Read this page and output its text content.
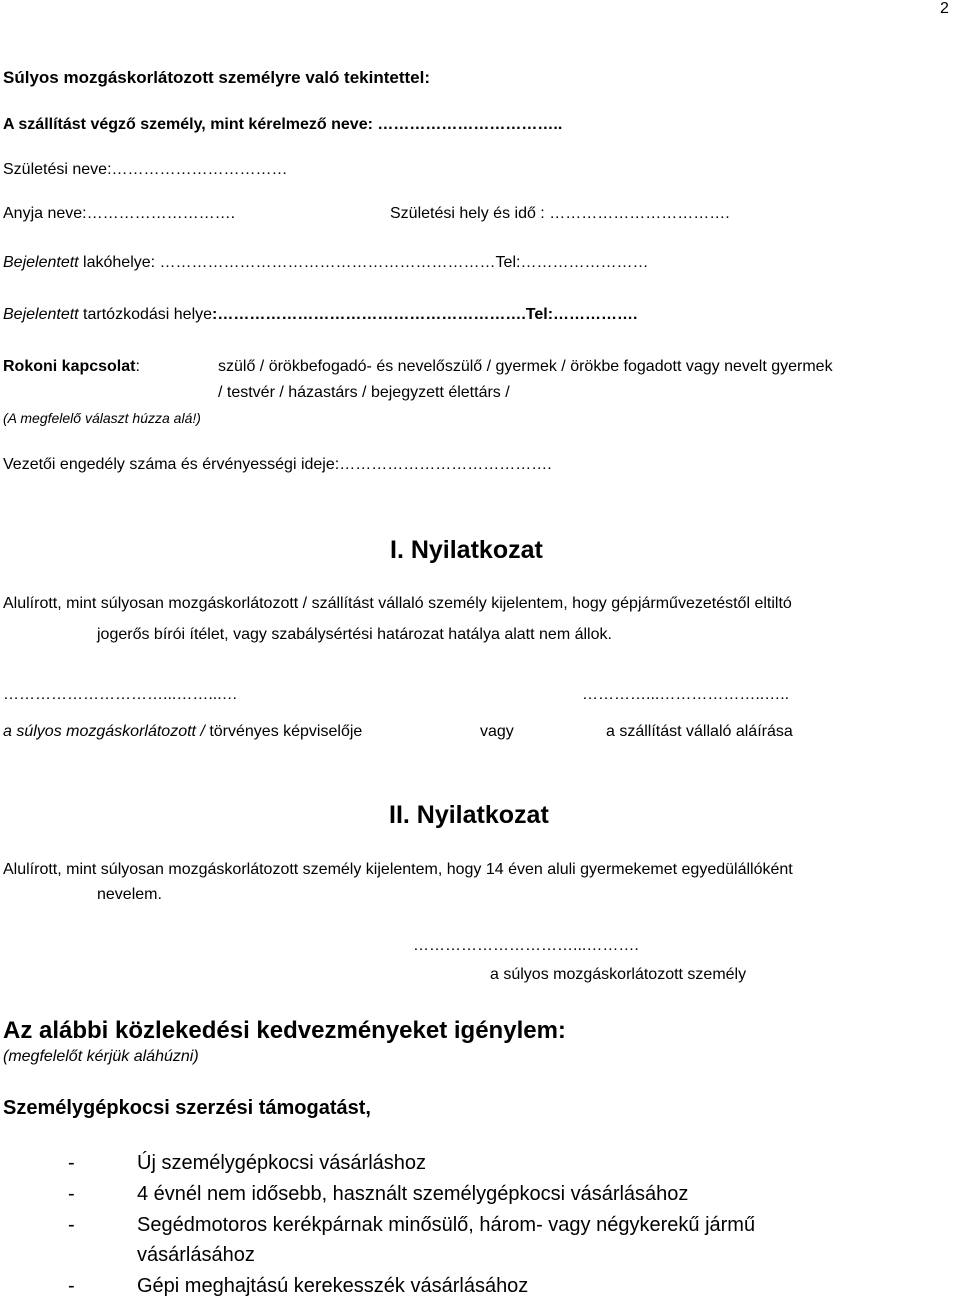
2
Súlyos mozgáskorlátozott személyre való tekintettel:
A szállítást végző személy, mint kérelmező neve: ……………………………..
Születési neve:……………………………
Anyja neve:……………………….	Születési hely és idő : …………………………….
Bejelentett lakóhelye: ………………………………………………………Tel:……………………
Bejelentett tartózkodási helye:………………………………………………….Tel:…………….
Rokoni kapcsolat:	szülő / örökbefogadó- és nevelőszülő / gyermek / örökbe fogadott vagy nevelt gyermek
/ testvér / házastárs / bejegyzett élettárs /
(A megfelelő választ húzza alá!)
Vezetői engedély száma és érvényességi ideje:………………………………….
I. Nyilatkozat
Alulírott, mint súlyosan mozgáskorlátozott / szállítást vállaló személy kijelentem, hogy gépjárművezetéstől eltiltó
jogerős bírói ítélet, vagy szabálysértési határozat hatálya alatt nem állok.
…………………………...……...…	…………...………………..…..
a súlyos mozgáskorlátozott / törvényes képviselője	vagy	a szállítást vállaló aláírása
II. Nyilatkozat
Alulírott, mint súlyosan mozgáskorlátozott személy kijelentem, hogy 14 éven aluli gyermekemet egyedülállóként
nevelem.
…………………………...……….
a súlyos mozgáskorlátozott személy
Az alábbi közlekedési kedvezményeket igénylem:
(megfelelőt kérjük aláhúzni)
Személygépkocsi szerzési támogatást,
-	Új személygépkocsi vásárláshoz
-	4 évnél nem idősebb, használt személygépkocsi vásárlásához
-	Segédmotoros kerékpárnak minősülő, három- vagy négykerekű jármű
vásárlásához
-	Gépi meghajtású kerekesszék vásárlásához
